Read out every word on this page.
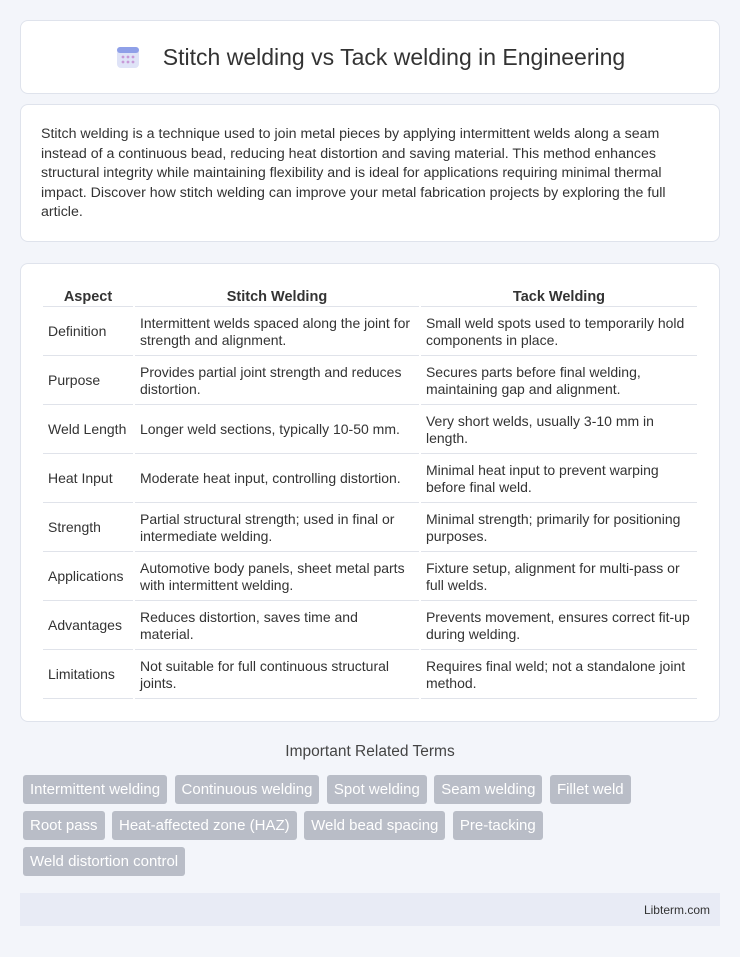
Stitch welding vs Tack welding in Engineering

Stitch welding is a technique used to join metal pieces by applying intermittent welds along a seam instead of a continuous bead, reducing heat distortion and saving material. This method enhances structural integrity while maintaining flexibility and is ideal for applications requiring minimal thermal impact. Discover how stitch welding can improve your metal fabrication projects by exploring the full article.

Aspect	Stitch Welding	Tack Welding
Definition	Intermittent welds spaced along the joint for strength and alignment.	Small weld spots used to temporarily hold components in place.
Purpose	Provides partial joint strength and reduces distortion.	Secures parts before final welding, maintaining gap and alignment.
Weld Length	Longer weld sections, typically 10-50 mm.	Very short welds, usually 3-10 mm in length.
Heat Input	Moderate heat input, controlling distortion.	Minimal heat input to prevent warping before final weld.
Strength	Partial structural strength; used in final or intermediate welding.	Minimal strength; primarily for positioning purposes.
Applications	Automotive body panels, sheet metal parts with intermittent welding.	Fixture setup, alignment for multi-pass or full welds.
Advantages	Reduces distortion, saves time and material.	Prevents movement, ensures correct fit-up during welding.
Limitations	Not suitable for full continuous structural joints.	Requires final weld; not a standalone joint method.
Important Related Terms
Intermittent welding Continuous welding Spot welding Seam welding Fillet weld
Root pass Heat-affected zone (HAZ) Weld bead spacing Pre-tacking
Weld distortion control
Libterm.com
